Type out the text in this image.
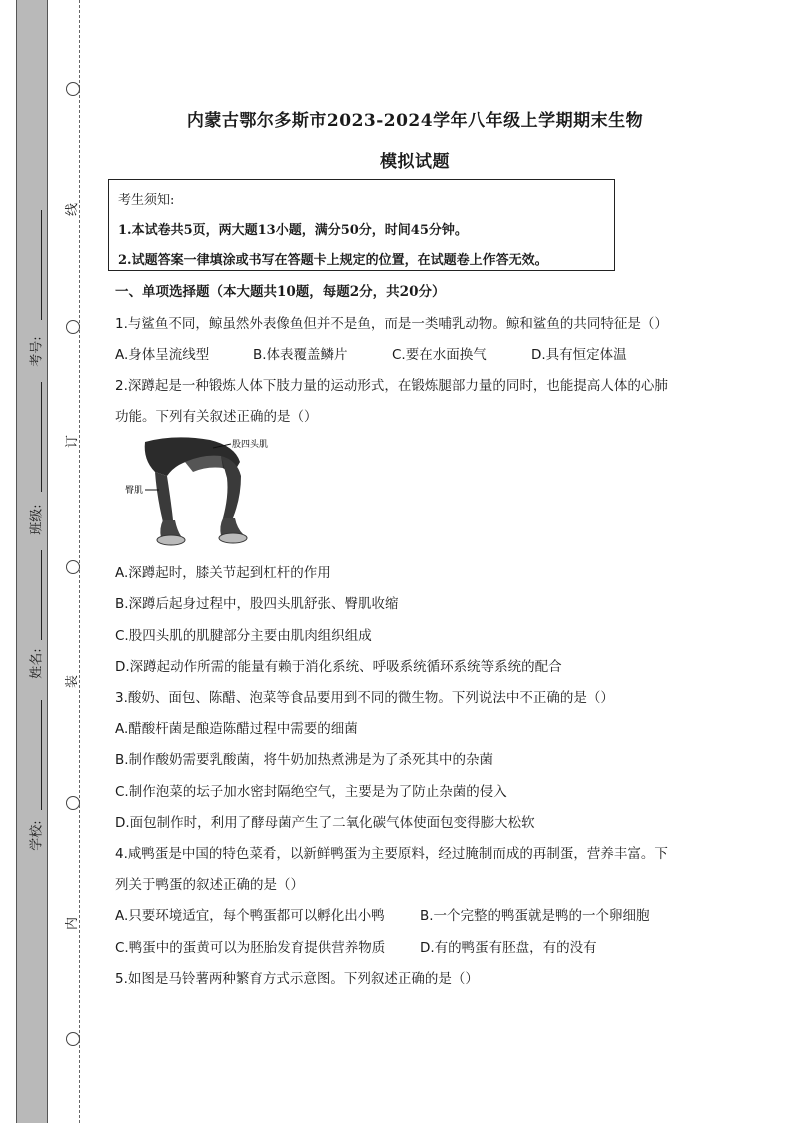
线
订
装
内
考号:
班级:
姓名:
学校:
内蒙古鄂尔多斯市2023-2024学年八年级上学期期末生物
模拟试题

考生须知:

1.本试卷共5页，两大题13小题，满分50分，时间45分钟。

2.试题答案一律填涂或书写在答题卡上规定的位置，在试题卷上作答无效。

一、单项选择题（本大题共10题，每题2分，共20分）
1.与鲨鱼不同，鲸虽然外表像鱼但并不是鱼，而是一类哺乳动物。鲸和鲨鱼的共同特征是（）
A.身体呈流线型	B.体表覆盖鳞片	C.要在水面换气	D.具有恒定体温
2.深蹲起是一种锻炼人体下肢力量的运动形式，在锻炼腿部力量的同时，也能提高人体的心肺
功能。下列有关叙述正确的是（）
股四头肌
臀肌
A.深蹲起时，膝关节起到杠杆的作用
B.深蹲后起身过程中，股四头肌舒张、臀肌收缩
C.股四头肌的肌腱部分主要由肌肉组织组成
D.深蹲起动作所需的能量有赖于消化系统、呼吸系统循环系统等系统的配合
3.酸奶、面包、陈醋、泡菜等食品要用到不同的微生物。下列说法中不正确的是（）
A.醋酸杆菌是酿造陈醋过程中需要的细菌
B.制作酸奶需要乳酸菌，将牛奶加热煮沸是为了杀死其中的杂菌
C.制作泡菜的坛子加水密封隔绝空气，主要是为了防止杂菌的侵入
D.面包制作时，利用了酵母菌产生了二氧化碳气体使面包变得膨大松软
4.咸鸭蛋是中国的特色菜肴，以新鲜鸭蛋为主要原料，经过腌制而成的再制蛋，营养丰富。下
列关于鸭蛋的叙述正确的是（）
A.只要环境适宜，每个鸭蛋都可以孵化出小鸭	B.一个完整的鸭蛋就是鸭的一个卵细胞
C.鸭蛋中的蛋黄可以为胚胎发育提供营养物质	D.有的鸭蛋有胚盘，有的没有
5.如图是马铃薯两种繁育方式示意图。下列叙述正确的是（）
